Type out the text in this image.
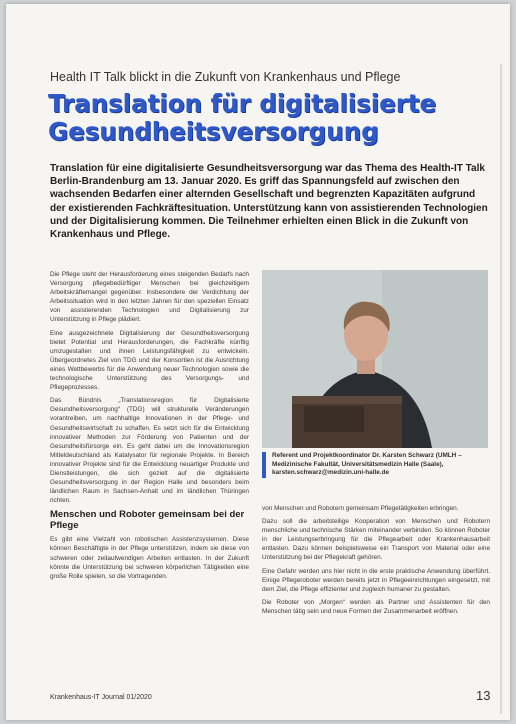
Health IT Talk blickt in die Zukunft von Krankenhaus und Pflege
Translation für digitalisierte Gesundheitsversorgung
Translation für eine digitalisierte Gesundheitsversorgung war das Thema des Health-IT Talk Berlin-Brandenburg am 13. Januar 2020. Es griff das Spannungsfeld auf zwischen den wachsenden Bedarfen einer alternden Gesellschaft und begrenzten Kapazitäten aufgrund der existierenden Fachkräftesituation. Unterstützung kann von assistierenden Technologien und der Digitalisierung kommen. Die Teilnehmer erhielten einen Blick in die Zukunft von Krankenhaus und Pflege.

Die Pflege steht der Herausforderung eines steigenden Bedarfs nach Versorgung pflegebedürftiger Menschen bei gleichzeitigem Arbeitskräftemangel gegenüber. Insbesondere der Verdichtung der Arbeitssituation wird in den letzten Jahren für den speziellen Einsatz von assistierenden Technologien und Digitalisierung zur Unterstützung in Pflege plädiert.

Eine ausgezeichnete Digitalisierung der Gesundheitsversorgung bietet Potential und Herausforderungen, die Fachkräfte künftig umzugestalten und ihnen Leistungsfähigkeit zu entwickeln. Übergeordnetes Ziel von TDG und der Konsortien ist die Ausrichtung eines Wettbewerbs für die Anwendung neuer Technologien sowie die technologische Unterstützung des Versorgungs- und Pflegeprozesses.

Das Bündnis „Translationsregion für Digitalisierte Gesundheitsversorgung“ (TDG) will strukturelle Veränderungen vorantreiben, um nachhaltige Innovationen in der Pflege- und Gesundheitswirtschaft zu schaffen. Es setzt sich für die Entwicklung innovativer Methoden zur Förderung von Patienten und der Gesundheitsfürsorge ein. Es geht dabei um die Innovationsregion Mitteldeutschland als Katalysator für regionale Projekte. In Bereich innovativer Projekte sind für die Entwicklung neuartiger Produkte und Dienstleistungen, die sich gezielt auf die digitalisierte Gesundheitsversorgung in der Region Halle und besonders beim ländlichen Raum in Sachsen-Anhalt und im ländlichen Thüringen richten.

Menschen und Roboter gemeinsam bei der Pflege

Es gibt eine Vielzahl von robotischen Assistenzsystemen. Diese können Beschäftigte in der Pflege unterstützen, indem sie diese von schweren oder zeitaufwendigen Arbeiten entlasten. In der Zukunft könnte die Unterstützung bei schweren körperlichen Tätigkeiten eine große Rolle spielen, so die Vortragenden.

Referent und Projektkoordinator Dr. Karsten Schwarz (UMLH – Medizinische Fakultät, Universitätsmedizin Halle (Saale), karsten.schwarz@medizin.uni-halle.de

von Menschen und Robotern gemeinsam Pflegetätigkeiten erbringen.

Dazu soll die arbeitsteilige Kooperation von Menschen und Robotern menschliche und technische Stärken miteinander verbinden. So können Roboter in der Leistungserbringung für die Pflegearbeit oder Krankenhausarbeit entlasten. Dazu können beispielsweise ein Transport von Material oder eine Unterstützung bei der Pflegekraft gehören.

Eine Gefahr werden uns hier nicht in die erste praktische Anwendung überführt. Einige Pflegeroboter werden bereits jetzt in Pflegeeinrichtungen eingesetzt, mit dem Ziel, die Pflege effizienter und zugleich humaner zu gestalten.

Die Roboter von „Morgen“ werden als Partner und Assistenten für den Menschen tätig sein und neue Formen der Zusammenarbeit eröffnen.

Krankenhaus-IT Journal 01/2020	13
